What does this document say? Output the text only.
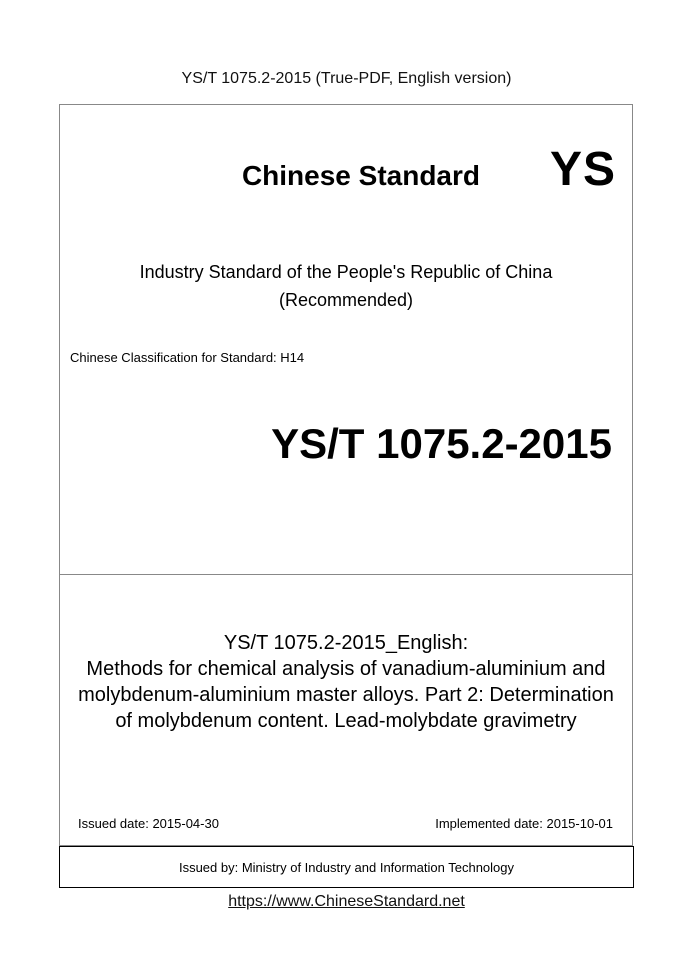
YS/T 1075.2-2015 (True-PDF, English version)
Chinese Standard YS
Industry Standard of the People's Republic of China
(Recommended)
Chinese Classification for Standard: H14
YS/T 1075.2-2015
YS/T 1075.2-2015_English:
Methods for chemical analysis of vanadium-aluminium and
molybdenum-aluminium master alloys. Part 2: Determination
of molybdenum content. Lead-molybdate gravimetry
Issued date: 2015-04-30	Implemented date: 2015-10-01
Issued by: Ministry of Industry and Information Technology
https://www.ChineseStandard.net
